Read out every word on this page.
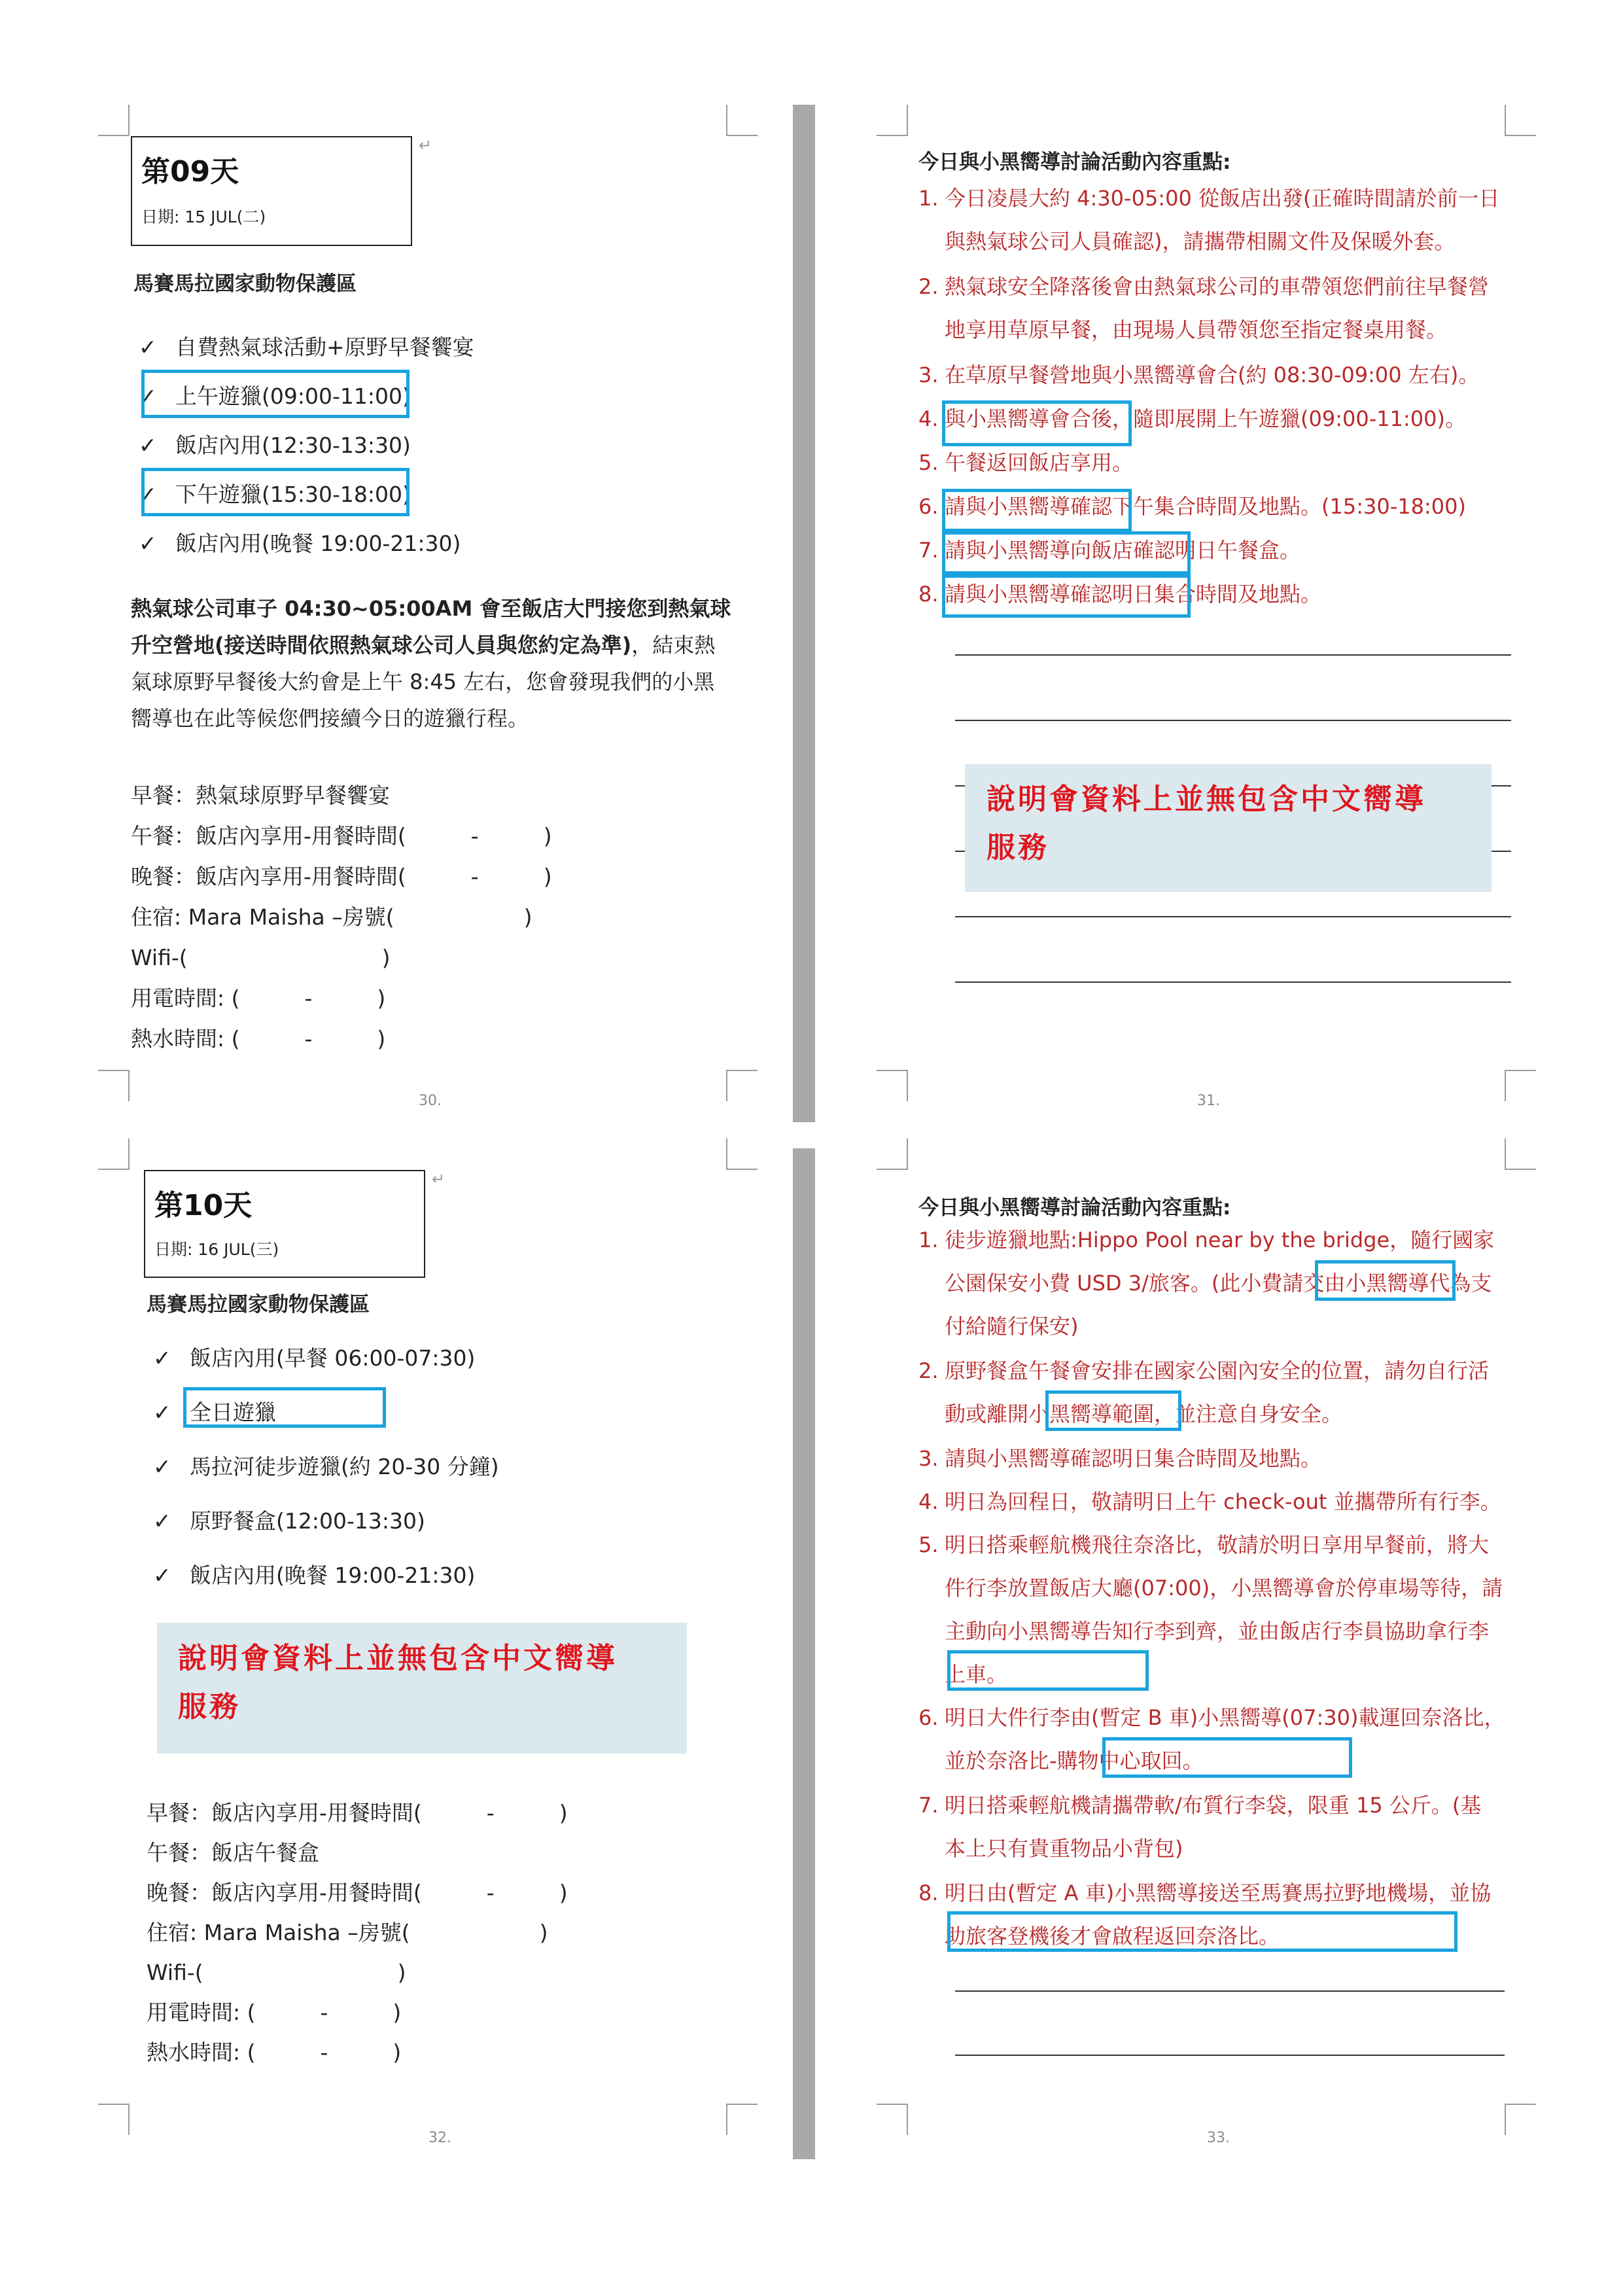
第09天
日期: 15 JUL(二)
↵
馬賽馬拉國家動物保護區
✓ 自費熱氣球活動+原野早餐饗宴
✓ 上午遊獵(09:00-11:00)
✓ 飯店內用(12:30-13:30)
✓ 下午遊獵(15:30-18:00)
✓ 飯店內用(晚餐 19:00-21:30)
熱氣球公司車子 04:30~05:00AM 會至飯店大門接您到熱氣球
升空營地(接送時間依照熱氣球公司人員與您約定為準)，結束熱
氣球原野早餐後大約會是上午 8:45 左右，您會發現我們的小黑
嚮導也在此等候您們接續今日的遊獵行程。
早餐：熱氣球原野早餐饗宴
午餐：飯店內享用-用餐時間(　　　-　　　)
晚餐：飯店內享用-用餐時間(　　　-　　　)
住宿: Mara Maisha –房號(　　　　　　)
Wifi-(　　　　　　　　　)
用電時間: (　　　-　　　)
熱水時間: (　　　-　　　)
30.
今日與小黑嚮導討論活動內容重點:
1. 今日凌晨大約 4:30-05:00 從飯店出發(正確時間請於前一日
與熱氣球公司人員確認)，請攜帶相關文件及保暖外套。
2. 熱氣球安全降落後會由熱氣球公司的車帶領您們前往早餐營
地享用草原早餐，由現場人員帶領您至指定餐桌用餐。
3. 在草原早餐營地與小黑嚮導會合(約 08:30-09:00 左右)。
4. 與小黑嚮導會合後，隨即展開上午遊獵(09:00-11:00)。
5. 午餐返回飯店享用。
6. 請與小黑嚮導確認下午集合時間及地點。(15:30-18:00)
7. 請與小黑嚮導向飯店確認明日午餐盒。
8. 請與小黑嚮導確認明日集合時間及地點。
說明會資料上並無包含中文嚮導
服務
31.
第10天
日期: 16 JUL(三)
↵
馬賽馬拉國家動物保護區
✓ 飯店內用(早餐 06:00-07:30)
✓ 全日遊獵
✓ 馬拉河徒步遊獵(約 20-30 分鐘)
✓ 原野餐盒(12:00-13:30)
✓ 飯店內用(晚餐 19:00-21:30)
說明會資料上並無包含中文嚮導
服務
早餐：飯店內享用-用餐時間(　　　-　　　)
午餐：飯店午餐盒
晚餐：飯店內享用-用餐時間(　　　-　　　)
住宿: Mara Maisha –房號(　　　　　　)
Wifi-(　　　　　　　　　)
用電時間: (　　　-　　　)
熱水時間: (　　　-　　　)
32.
今日與小黑嚮導討論活動內容重點:
1. 徒步遊獵地點:Hippo Pool near by the bridge，隨行國家
公園保安小費 USD 3/旅客。(此小費請交由小黑嚮導代為支
付給隨行保安)
2. 原野餐盒午餐會安排在國家公園內安全的位置，請勿自行活
動或離開小黑嚮導範圍，並注意自身安全。
3. 請與小黑嚮導確認明日集合時間及地點。
4. 明日為回程日，敬請明日上午 check-out 並攜帶所有行李。
5. 明日搭乘輕航機飛往奈洛比，敬請於明日享用早餐前，將大
件行李放置飯店大廳(07:00)，小黑嚮導會於停車場等待，請
主動向小黑嚮導告知行李到齊，並由飯店行李員協助拿行李
上車。
6. 明日大件行李由(暫定 B 車)小黑嚮導(07:30)載運回奈洛比，
並於奈洛比-購物中心取回。
7. 明日搭乘輕航機請攜帶軟/布質行李袋，限重 15 公斤。(基
本上只有貴重物品小背包)
8. 明日由(暫定 A 車)小黑嚮導接送至馬賽馬拉野地機場，並協
助旅客登機後才會啟程返回奈洛比。
33.
